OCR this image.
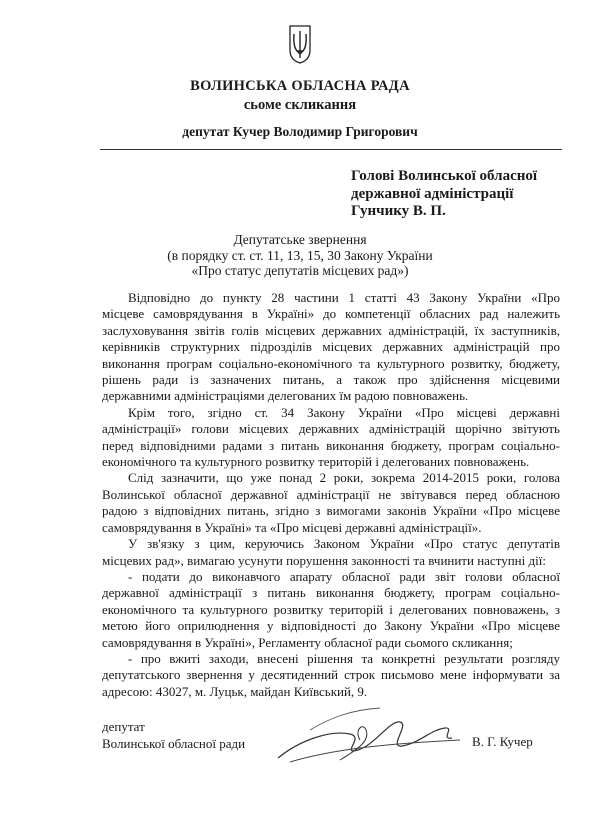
ВОЛИНСЬКА ОБЛАСНА РАДА
сьоме скликання
депутат Кучер Володимир Григорович
Голові Волинської обласної
державної адміністрації
Гунчику В. П.
Депутатське звернення
(в порядку ст. ст. 11, 13, 15, 30 Закону України
«Про статус депутатів місцевих рад»)
Відповідно до пункту 28 частини 1 статті 43 Закону України «Про
місцеве самоврядування в Україні» до компетенції обласних рад належить
заслуховування звітів голів місцевих державних адміністрацій, їх заступників,
керівників структурних підрозділів місцевих державних адміністрацій про
виконання програм соціально-економічного та культурного розвитку, бюджету,
рішень ради із зазначених питань, а також про здійснення місцевими
державними адміністраціями делегованих їм радою повноважень.
Крім того, згідно ст. 34 Закону України «Про місцеві державні
адміністрації» голови місцевих державних адміністрацій щорічно звітують
перед відповідними радами з питань виконання бюджету, програм соціально-
економічного та культурного розвитку територій і делегованих повноважень.
Слід зазначити, що уже понад 2 роки, зокрема 2014-2015 роки, голова
Волинської обласної державної адміністрації не звітувався перед обласною
радою з відповідних питань, згідно з вимогами законів України «Про місцеве
самоврядування в Україні» та «Про місцеві державні адміністрації».
У зв'язку з цим, керуючись Законом України «Про статус депутатів
місцевих рад», вимагаю усунути порушення законності та вчинити наступні дії:
- подати до виконавчого апарату обласної ради звіт голови обласної
державної адміністрації з питань виконання бюджету, програм соціально-
економічного та культурного розвитку територій і делегованих повноважень, з
метою його оприлюднення у відповідності до Закону України «Про місцеве
самоврядування в Україні», Регламенту обласної ради сьомого скликання;
- про вжиті заходи, внесені рішення та конкретні результати розгляду
депутатського звернення у десятиденний строк письмово мене інформувати за
адресою: 43027, м. Луцьк, майдан Київський, 9.
депутат
Волинської обласної ради	В. Г. Кучер
